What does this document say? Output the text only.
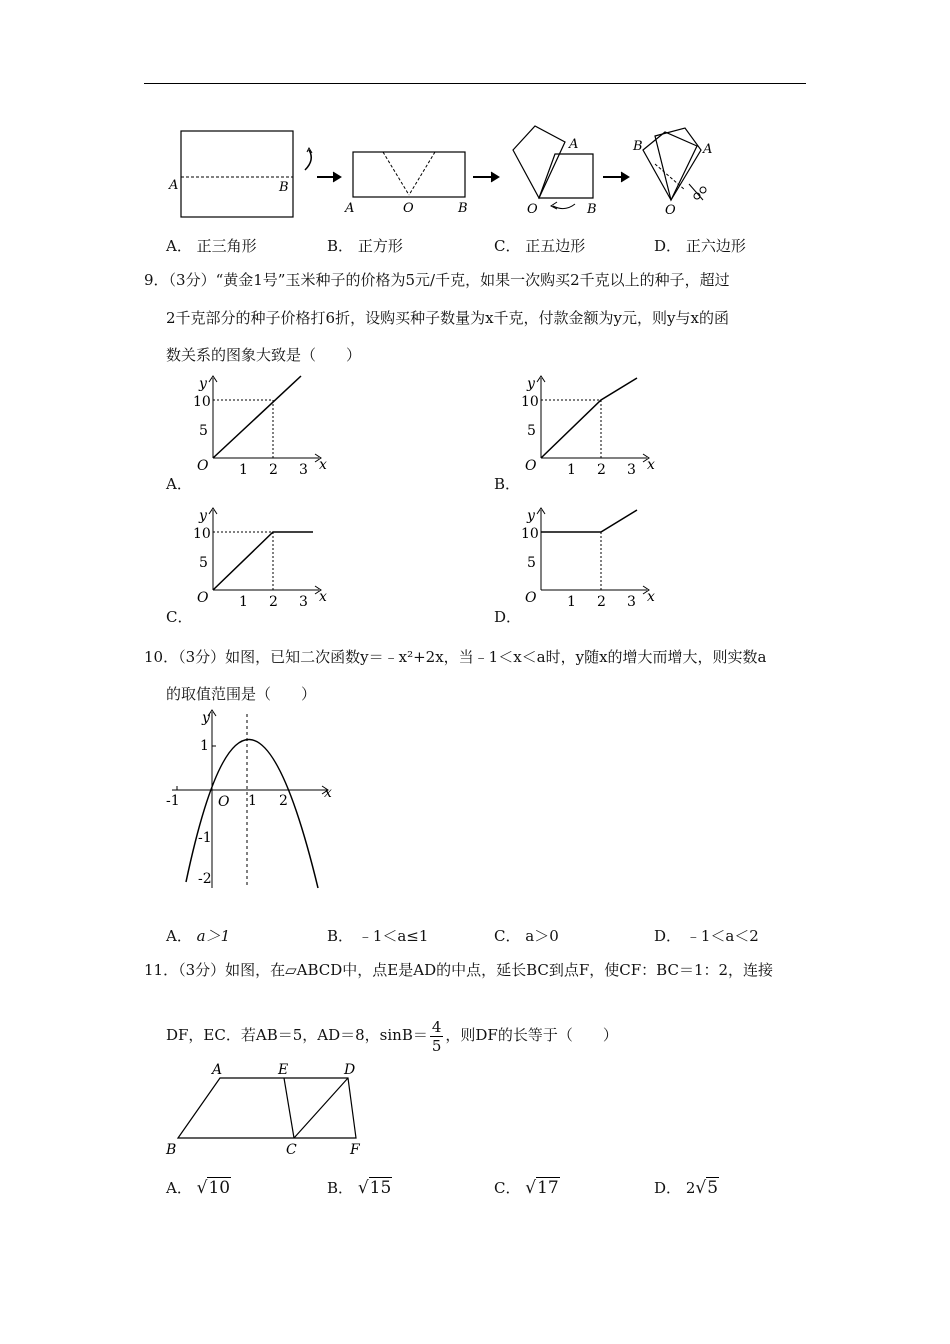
A	B
A	O	B
A
O	B
B	A
O
A． 正三角形	B． 正方形	C． 正五边形	D． 正六边形
9．（3分）“黄金1号”玉米种子的价格为5元/千克，如果一次购买2千克以上的种子，超过
2千克部分的种子价格打6折，设购买种子数量为x千克，付款金额为y元，则y与x的函
数关系的图象大致是（　　）
y
10
5
O 1 2 3 x
A．
y
10
5
O 1 2 3 x
B．
y
10
5
O 1 2 3 x
C．
y
10
5
O 1 2 3 x
D．
10．（3分）如图，已知二次函数y＝﹣x²+2x，当﹣1＜x＜a时，y随x的增大而增大，则实数a
的取值范围是（　　）
y
1
-1	O 1 2	x
-1
-2
A． a＞1	B． ﹣1＜a≤1	C． a＞0	D． ﹣1＜a＜2
11．（3分）如图，在▱ABCD中，点E是AD的中点，延长BC到点F，使CF：BC＝1：2，连接
DF，EC．若AB＝5，AD＝8，$\sin B= \frac{4}{5}$ ，则DF的长等于（　　）
A	E	D
B	C	F
A． √10	B． √15	C． √17	D． 2√5
